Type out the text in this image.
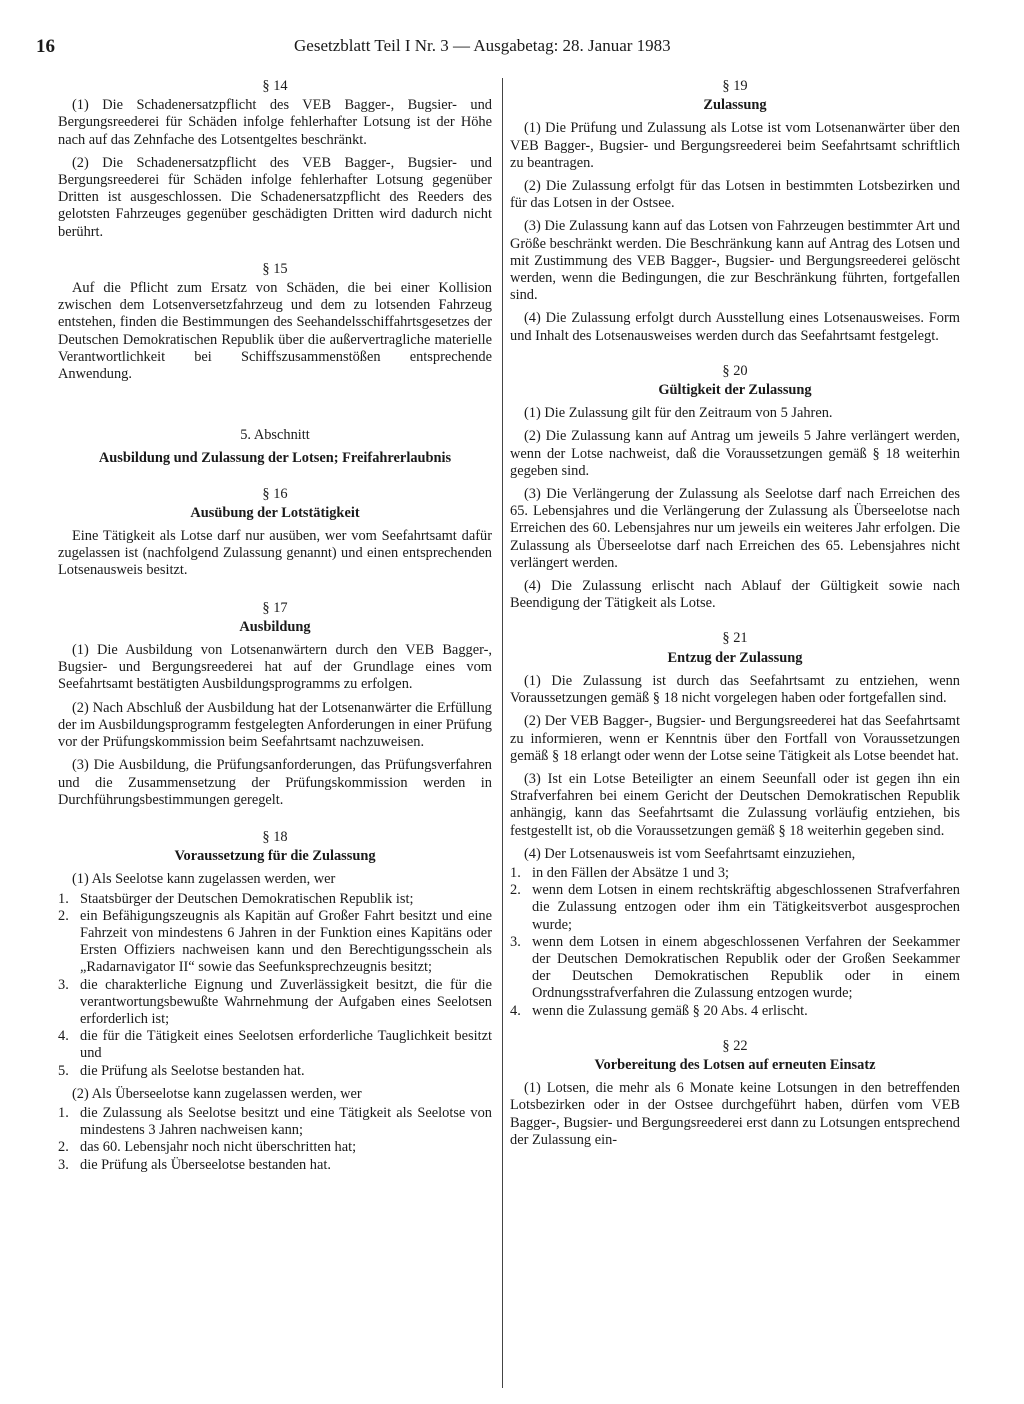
16	Gesetzblatt Teil I Nr. 3 — Ausgabetag: 28. Januar 1983
§ 14

(1) Die Schadenersatzpflicht des VEB Bagger-, Bugsier- und Bergungsreederei für Schäden infolge fehlerhafter Lotsung ist der Höhe nach auf das Zehnfache des Lotsentgeltes beschränkt.

(2) Die Schadenersatzpflicht des VEB Bagger-, Bugsier- und Bergungsreederei für Schäden infolge fehlerhafter Lotsung gegenüber Dritten ist ausgeschlossen. Die Schadenersatzpflicht des Reeders des gelotsten Fahrzeuges gegenüber geschädigten Dritten wird dadurch nicht berührt.

§ 15

Auf die Pflicht zum Ersatz von Schäden, die bei einer Kollision zwischen dem Lotsenversetzfahrzeug und dem zu lotsenden Fahrzeug entstehen, finden die Bestimmungen des Seehandelsschiffahrtsgesetzes der Deutschen Demokratischen Republik über die außervertragliche materielle Verantwortlichkeit bei Schiffszusammenstößen entsprechende Anwendung.

5. Abschnitt
Ausbildung und Zulassung der Lotsen; Freifahrerlaubnis
§ 16
Ausübung der Lotstätigkeit

Eine Tätigkeit als Lotse darf nur ausüben, wer vom Seefahrtsamt dafür zugelassen ist (nachfolgend Zulassung genannt) und einen entsprechenden Lotsenausweis besitzt.

§ 17
Ausbildung

(1) Die Ausbildung von Lotsenanwärtern durch den VEB Bagger-, Bugsier- und Bergungsreederei hat auf der Grundlage eines vom Seefahrtsamt bestätigten Ausbildungsprogramms zu erfolgen.

(2) Nach Abschluß der Ausbildung hat der Lotsenanwärter die Erfüllung der im Ausbildungsprogramm festgelegten Anforderungen in einer Prüfung vor der Prüfungskommission beim Seefahrtsamt nachzuweisen.

(3) Die Ausbildung, die Prüfungsanforderungen, das Prüfungsverfahren und die Zusammensetzung der Prüfungskommission werden in Durchführungsbestimmungen geregelt.

§ 18
Voraussetzung für die Zulassung

(1) Als Seelotse kann zugelassen werden, wer

1. Staatsbürger der Deutschen Demokratischen Republik ist;
2. ein Befähigungszeugnis als Kapitän auf Großer Fahrt besitzt und eine Fahrzeit von mindestens 6 Jahren in der Funktion eines Kapitäns oder Ersten Offiziers nachweisen kann und den Berechtigungsschein als „Radarnavigator II“ sowie das Seefunksprechzeugnis besitzt;
3. die charakterliche Eignung und Zuverlässigkeit besitzt, die für die verantwortungsbewußte Wahrnehmung der Aufgaben eines Seelotsen erforderlich ist;
4. die für die Tätigkeit eines Seelotsen erforderliche Tauglichkeit besitzt und
5. die Prüfung als Seelotse bestanden hat.

(2) Als Überseelotse kann zugelassen werden, wer

1. die Zulassung als Seelotse besitzt und eine Tätigkeit als Seelotse von mindestens 3 Jahren nachweisen kann;
2. das 60. Lebensjahr noch nicht überschritten hat;
3. die Prüfung als Überseelotse bestanden hat.
§ 19
Zulassung

(1) Die Prüfung und Zulassung als Lotse ist vom Lotsenanwärter über den VEB Bagger-, Bugsier- und Bergungsreederei beim Seefahrtsamt schriftlich zu beantragen.

(2) Die Zulassung erfolgt für das Lotsen in bestimmten Lotsbezirken und für das Lotsen in der Ostsee.

(3) Die Zulassung kann auf das Lotsen von Fahrzeugen bestimmter Art und Größe beschränkt werden. Die Beschränkung kann auf Antrag des Lotsen und mit Zustimmung des VEB Bagger-, Bugsier- und Bergungsreederei gelöscht werden, wenn die Bedingungen, die zur Beschränkung führten, fortgefallen sind.

(4) Die Zulassung erfolgt durch Ausstellung eines Lotsenausweises. Form und Inhalt des Lotsenausweises werden durch das Seefahrtsamt festgelegt.

§ 20
Gültigkeit der Zulassung

(1) Die Zulassung gilt für den Zeitraum von 5 Jahren.

(2) Die Zulassung kann auf Antrag um jeweils 5 Jahre verlängert werden, wenn der Lotse nachweist, daß die Voraussetzungen gemäß § 18 weiterhin gegeben sind.

(3) Die Verlängerung der Zulassung als Seelotse darf nach Erreichen des 65. Lebensjahres und die Verlängerung der Zulassung als Überseelotse nach Erreichen des 60. Lebensjahres nur um jeweils ein weiteres Jahr erfolgen. Die Zulassung als Überseelotse darf nach Erreichen des 65. Lebensjahres nicht verlängert werden.

(4) Die Zulassung erlischt nach Ablauf der Gültigkeit sowie nach Beendigung der Tätigkeit als Lotse.

§ 21
Entzug der Zulassung

(1) Die Zulassung ist durch das Seefahrtsamt zu entziehen, wenn Voraussetzungen gemäß § 18 nicht vorgelegen haben oder fortgefallen sind.

(2) Der VEB Bagger-, Bugsier- und Bergungsreederei hat das Seefahrtsamt zu informieren, wenn er Kenntnis über den Fortfall von Voraussetzungen gemäß § 18 erlangt oder wenn der Lotse seine Tätigkeit als Lotse beendet hat.

(3) Ist ein Lotse Beteiligter an einem Seeunfall oder ist gegen ihn ein Strafverfahren bei einem Gericht der Deutschen Demokratischen Republik anhängig, kann das Seefahrtsamt die Zulassung vorläufig entziehen, bis festgestellt ist, ob die Voraussetzungen gemäß § 18 weiterhin gegeben sind.

(4) Der Lotsenausweis ist vom Seefahrtsamt einzuziehen,

1. in den Fällen der Absätze 1 und 3;
2. wenn dem Lotsen in einem rechtskräftig abgeschlossenen Strafverfahren die Zulassung entzogen oder ihm ein Tätigkeitsverbot ausgesprochen wurde;
3. wenn dem Lotsen in einem abgeschlossenen Verfahren der Seekammer der Deutschen Demokratischen Republik oder der Großen Seekammer der Deutschen Demokratischen Republik oder in einem Ordnungsstrafverfahren die Zulassung entzogen wurde;
4. wenn die Zulassung gemäß § 20 Abs. 4 erlischt.
§ 22
Vorbereitung des Lotsen auf erneuten Einsatz

(1) Lotsen, die mehr als 6 Monate keine Lotsungen in den betreffenden Lotsbezirken oder in der Ostsee durchgeführt haben, dürfen vom VEB Bagger-, Bugsier- und Bergungsreederei erst dann zu Lotsungen entsprechend der Zulassung ein-
